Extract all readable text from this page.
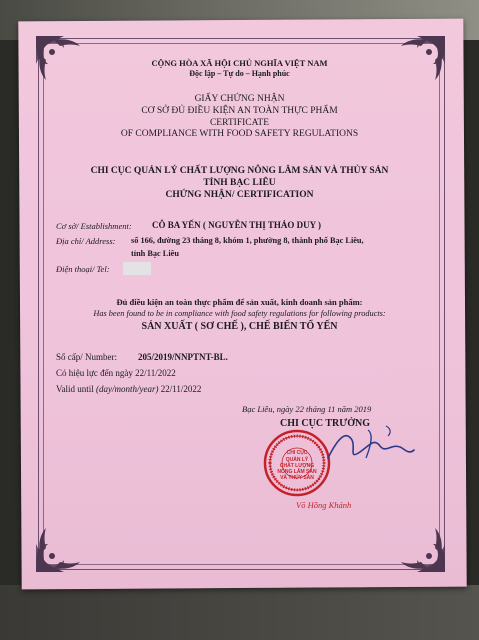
CỘNG HÒA XÃ HỘI CHỦ NGHĨA VIỆT NAM
Độc lập – Tự do – Hạnh phúc
GIẤY CHỨNG NHẬN
CƠ SỞ ĐỦ ĐIỀU KIỆN AN TOÀN THỰC PHẨM
CERTIFICATE
OF COMPLIANCE WITH FOOD SAFETY REGULATIONS
CHI CỤC QUẢN LÝ CHẤT LƯỢNG NÔNG LÂM SẢN VÀ THỦY SẢN
TỈNH BẠC LIÊU
CHỨNG NHẬN/ CERTIFICATION
Cơ sở/ Establishment: CÔ BA YẾN ( NGUYỄN THỊ THẢO DUY )
Địa chỉ/ Address: số 166, đường 23 tháng 8, khóm 1, phường 8, thành phố Bạc Liêu,
tỉnh Bạc Liêu
Điện thoại/ Tel:
Đủ điều kiện an toàn thực phẩm để sản xuất, kinh doanh sản phẩm:
Has been found to be in compliance with food safety regulations for following products:
SẢN XUẤT ( SƠ CHẾ ), CHẾ BIẾN TỔ YẾN
Số cấp/ Number: 205/2019/NNPTNT-BL.
Có hiệu lực đến ngày 22/11/2022
Valid until (day/month/year) 22/11/2022
Bạc Liêu, ngày 22 tháng 11 năm 2019
CHI CỤC TRƯỞNG
CHI CỤC
QUẢN LÝ
CHẤT LƯỢNG
NÔNG LÂM SẢN
VÀ THỦY SẢN
Võ Hồng Khánh
